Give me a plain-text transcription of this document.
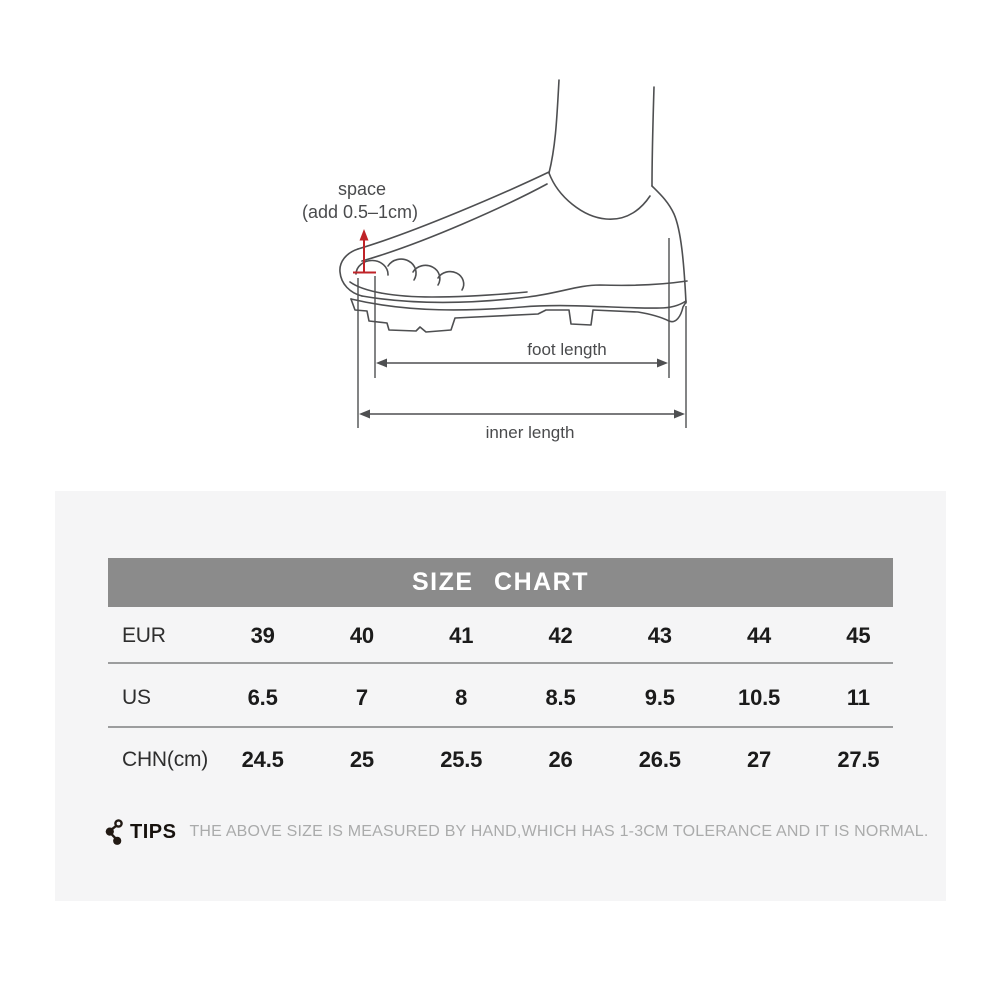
space
(add 0.5–1cm)
foot length
inner length
SIZE CHART
EUR	39	40	41	42	43	44	45
US	6.5	7	8	8.5	9.5	10.5	11
CHN(cm)	24.5	25	25.5	26	26.5	27	27.5
TIPS THE ABOVE SIZE IS MEASURED BY HAND,WHICH HAS 1-3CM TOLERANCE AND IT IS NORMAL.
